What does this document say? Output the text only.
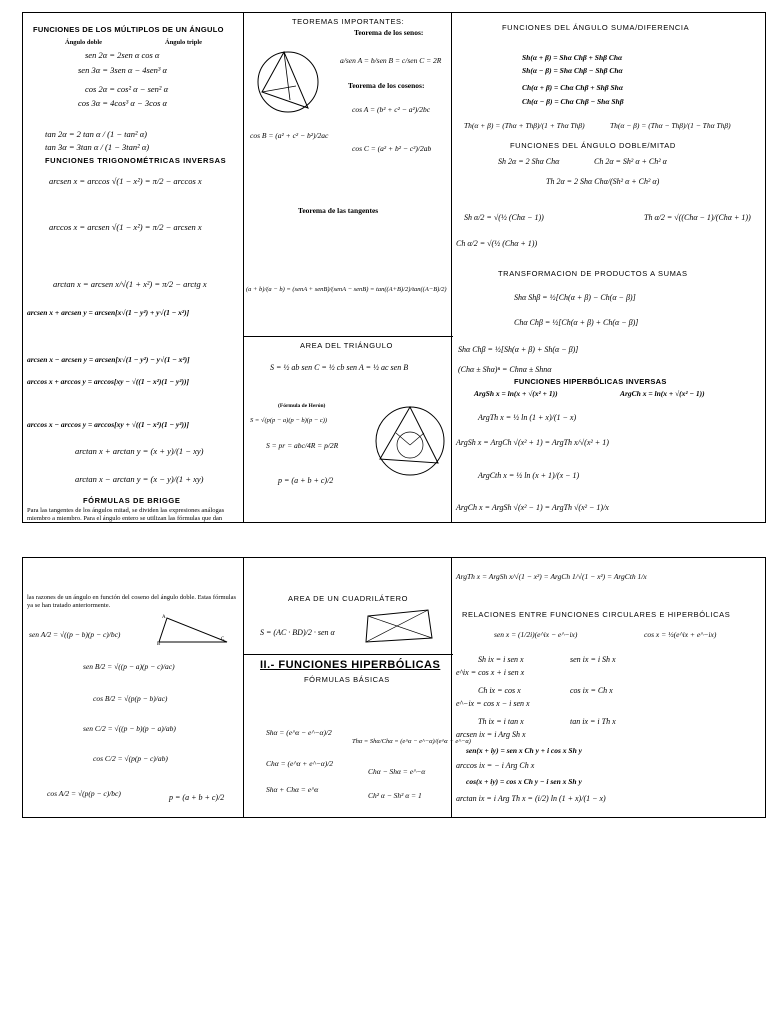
FUNCIONES DE LOS MÚLTIPLOS DE UN ÁNGULO
Ángulo doble	Ángulo triple
sen 2α = 2sen α cos α
sen 3α = 3sen α − 4sen³ α
cos 2α = cos² α − sen² α
cos 3α = 4cos³ α − 3cos α
tan 2α = 2 tan α / (1 − tan² α)
tan 3α = 3tan α / (1 − 3tan² α)
FUNCIONES TRIGONOMÉTRICAS INVERSAS
arcsen x = arccos √(1 − x²) = π/2 − arccos x
arccos x = arcsen √(1 − x²) = π/2 − arcsen x
arctan x = arcsen x/√(1 + x²) = π/2 − arctg x
arcsen x + arcsen y = arcsen[x√(1 − y²) + y√(1 − x²)]
arcsen x − arcsen y = arcsen[x√(1 − y²) − y√(1 − x²)]
arccos x + arccos y = arccos[xy − √((1 − x²)(1 − y²))]
arccos x − arccos y = arccos[xy + √((1 − x²)(1 − y²))]
arctan x + arctan y = (x + y)/(1 − xy)
arctan x − arctan y = (x − y)/(1 + xy)
FÓRMULAS DE BRIGGE
Para las tangentes de los ángulos mitad, se dividen las expresiones análogas miembro a miembro. Para el ángulo entero se utilizan las fórmulas que dan
TEOREMAS IMPORTANTES:
Teorema de los senos:
a/sen A = b/sen B = c/sen C = 2R
Teorema de los cosenos:
cos A = (b² + c² − a²)/2bc
cos B = (a² + c² − b²)/2ac
cos C = (a² + b² − c²)/2ab
Teorema de las tangentes
(a + b)/(a − b) = (senA + senB)/(senA − senB) = tan((A+B)/2)/tan((A−B)/2)
AREA DEL TRIÁNGULO
S = ½ ab sen C = ½ cb sen A = ½ ac sen B
(Fórmula de Herón)
S = √(p(p − a)(p − b)(p − c))
S = pr = abc/4R = p/2R
p = (a + b + c)/2
FUNCIONES DEL ÁNGULO SUMA/DIFERENCIA
Sh(α + β) = Shα Chβ + Shβ Chα
Sh(α − β) = Shα Chβ − Shβ Chα
Ch(α + β) = Chα Chβ + Shβ Shα
Ch(α − β) = Chα Chβ − Shα Shβ
Th(α + β) = (Thα + Thβ)/(1 + Thα Thβ)	Th(α − β) = (Thα − Thβ)/(1 − Thα Thβ)
FUNCIONES DEL ÁNGULO DOBLE/MITAD
Sh 2α = 2 Shα Chα	Ch 2α = Sh² α + Ch² α
Th 2α = 2 Shα Chα/(Sh² α + Ch² α)
Sh α/2 = √(½ (Chα − 1))	Th α/2 = √((Chα − 1)/(Chα + 1))
Ch α/2 = √(½ (Chα + 1))
TRANSFORMACION DE PRODUCTOS A SUMAS
Shα Shβ = ½[Ch(α + β) − Ch(α − β)]
Chα Chβ = ½[Ch(α + β) + Ch(α − β)]
Shα Chβ = ½[Sh(α + β) + Sh(α − β)]
(Chα ± Shα)ⁿ = Chnα ± Shnα
FUNCIONES HIPERBÓLICAS INVERSAS
ArgSh x = ln(x + √(x² + 1))	ArgCh x = ln(x + √(x² − 1))
ArgTh x = ½ ln (1 + x)/(1 − x)
ArgSh x = ArgCh √(x² + 1) = ArgTh x/√(x² + 1)
ArgCth x = ½ ln (x + 1)/(x − 1)
ArgCh x = ArgSh √(x² − 1) = ArgTh √(x² − 1)/x
las razones de un ángulo en función del coseno del ángulo doble. Estas fórmulas ya se han tratado anteriormente.
sen A/2 = √((p − b)(p − c)/bc)
A
B
C
sen B/2 = √((p − a)(p − c)/ac)
cos B/2 = √(p(p − b)/ac)
sen C/2 = √((p − b)(p − a)/ab)
cos C/2 = √(p(p − c)/ab)
cos A/2 = √(p(p − c)/bc)	p = (a + b + c)/2
AREA DE UN CUADRILÁTERO
S = (AC · BD)/2 · sen α
II.- FUNCIONES HIPERBÓLICAS
FÓRMULAS BÁSICAS
Shα = (e^α − e^−α)/2
Thα = Shα/Chα = (e^α − e^−α)/(e^α + e^−α)
Chα = (e^α + e^−α)/2
Chα − Shα = e^−α
Shα + Chα = e^α
Ch² α − Sh² α = 1
ArgTh x = ArgSh x/√(1 − x²) = ArgCh 1/√(1 − x²) = ArgCth 1/x
RELACIONES ENTRE FUNCIONES CIRCULARES E HIPERBÓLICAS
sen x = (1/2i)(e^ix − e^−ix)	cos x = ½(e^ix + e^−ix)
Sh ix = i sen x	sen ix = i Sh x
e^ix = cos x + i sen x
Ch ix = cos x	cos ix = Ch x
e^−ix = cos x − i sen x
Th ix = i tan x	tan ix = i Th x
arcsen ix = i Arg Sh x
sen(x + iy) = sen x Ch y + i cos x Sh y
arccos ix = − i Arg Ch x
cos(x + iy) = cos x Ch y − i sen x Sh y
arctan ix = i Arg Th x = (i/2) ln (1 + x)/(1 − x)
